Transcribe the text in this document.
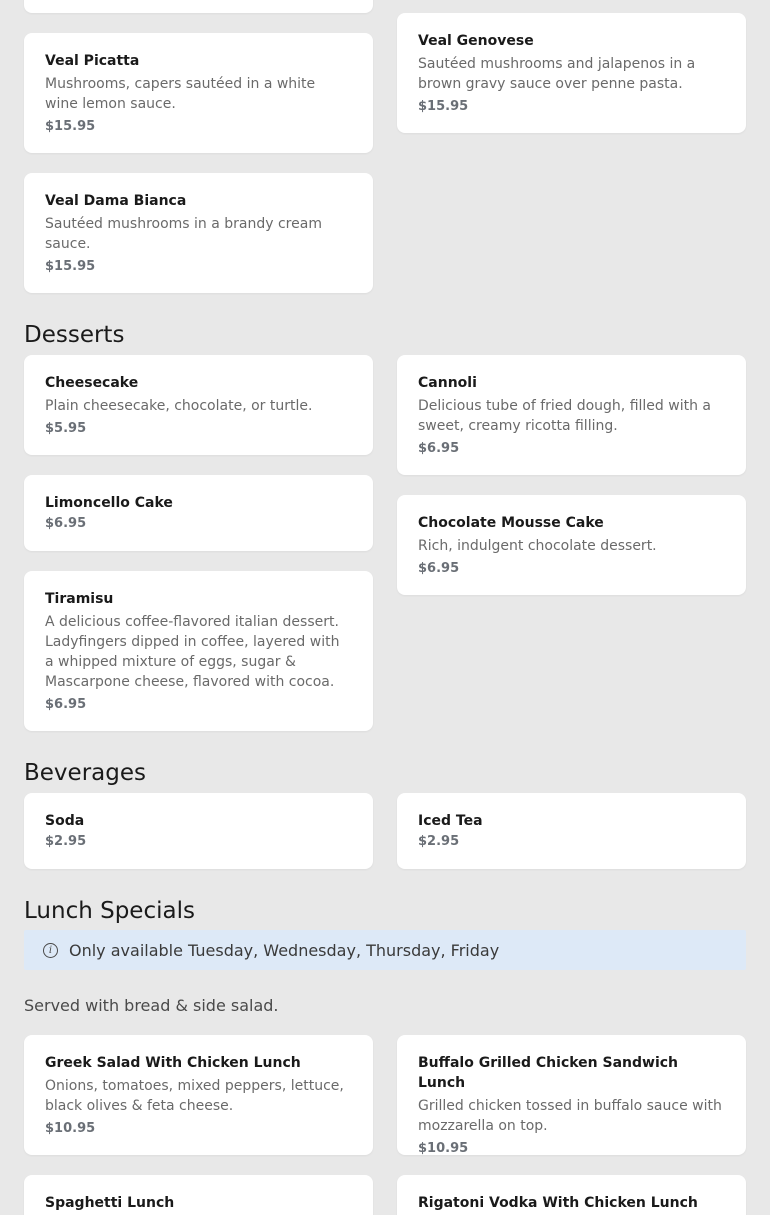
Veal Genovese
Sautéed mushrooms and jalapenos in a brown gravy sauce over penne pasta.
$15.95
Veal Picatta
Mushrooms, capers sautéed in a white wine lemon sauce.
$15.95
Veal Dama Bianca
Sautéed mushrooms in a brandy cream sauce.
$15.95
Desserts
Cheesecake
Plain cheesecake, chocolate, or turtle.
$5.95
Cannoli
Delicious tube of fried dough, filled with a sweet, creamy ricotta filling.
$6.95
Limoncello Cake
$6.95	Chocolate Mousse Cake
Rich, indulgent chocolate dessert.
$6.95
Tiramisu
A delicious coffee-flavored italian dessert. Ladyfingers dipped in coffee, layered with a whipped mixture of eggs, sugar & Mascarpone cheese, flavored with cocoa.
$6.95
Beverages
Soda
$2.95
Iced Tea
$2.95
Lunch Specials
i	Only available Tuesday, Wednesday, Thursday, Friday
Served with bread & side salad.
Greek Salad With Chicken Lunch
Onions, tomatoes, mixed peppers, lettuce, black olives & feta cheese.
$10.95
Buffalo Grilled Chicken Sandwich Lunch
Grilled chicken tossed in buffalo sauce with mozzarella on top.
$10.95
Spaghetti Lunch	Rigatoni Vodka With Chicken Lunch
